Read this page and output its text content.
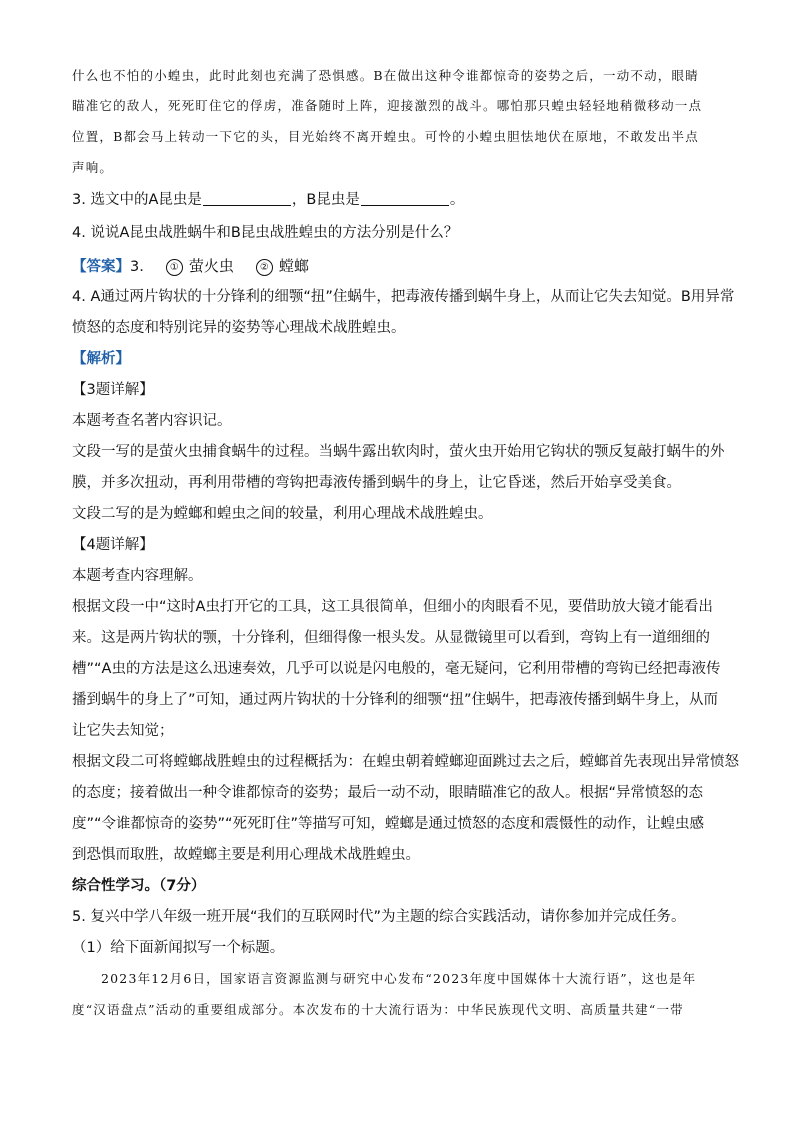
什么也不怕的小蝗虫，此时此刻也充满了恐惧感。B在做出这种令谁都惊奇的姿势之后，一动不动，眼睛
瞄准它的敌人，死死盯住它的俘虏，准备随时上阵，迎接激烈的战斗。哪怕那只蝗虫轻轻地稍微移动一点
位置，B都会马上转动一下它的头，目光始终不离开蝗虫。可怜的小蝗虫胆怯地伏在原地，不敢发出半点
声响。
3. 选文中的A昆虫是	，B昆虫是	。
4. 说说A昆虫战胜蜗牛和B昆虫战胜蝗虫的方法分别是什么？
【答案】3.	① 萤火虫	② 螳螂
4. A通过两片钩状的十分锋利的细颚“扭”住蜗牛，把毒液传播到蜗牛身上，从而让它失去知觉。B用异常
愤怒的态度和特别诧异的姿势等心理战术战胜蝗虫。
【解析】
【3题详解】
本题考查名著内容识记。
文段一写的是萤火虫捕食蜗牛的过程。当蜗牛露出软肉时，萤火虫开始用它钩状的颚反复敲打蜗牛的外
膜，并多次扭动，再利用带槽的弯钩把毒液传播到蜗牛的身上，让它昏迷，然后开始享受美食。
文段二写的是为螳螂和蝗虫之间的较量，利用心理战术战胜蝗虫。
【4题详解】
本题考查内容理解。
根据文段一中“这时A虫打开它的工具，这工具很简单，但细小的肉眼看不见，要借助放大镜才能看出
来。这是两片钩状的颚，十分锋利，但细得像一根头发。从显微镜里可以看到，弯钩上有一道细细的
槽”“A虫的方法是这么迅速奏效，几乎可以说是闪电般的，毫无疑问，它利用带槽的弯钩已经把毒液传
播到蜗牛的身上了”可知，通过两片钩状的十分锋利的细颚“扭”住蜗牛，把毒液传播到蜗牛身上，从而
让它失去知觉；
根据文段二可将螳螂战胜蝗虫的过程概括为：在蝗虫朝着螳螂迎面跳过去之后，螳螂首先表现出异常愤怒
的态度；接着做出一种令谁都惊奇的姿势；最后一动不动，眼睛瞄准它的敌人。根据“异常愤怒的态
度”“令谁都惊奇的姿势”“死死盯住”等描写可知，螳螂是通过愤怒的态度和震慑性的动作，让蝗虫感
到恐惧而取胜，故螳螂主要是利用心理战术战胜蝗虫。
综合性学习。（7分）
5. 复兴中学八年级一班开展“我们的互联网时代”为主题的综合实践活动，请你参加并完成任务。
（1）给下面新闻拟写一个标题。
2023年12月6日，国家语言资源监测与研究中心发布“2023年度中国媒体十大流行语”，这也是年
度“汉语盘点”活动的重要组成部分。本次发布的十大流行语为：中华民族现代文明、高质量共建“一带
